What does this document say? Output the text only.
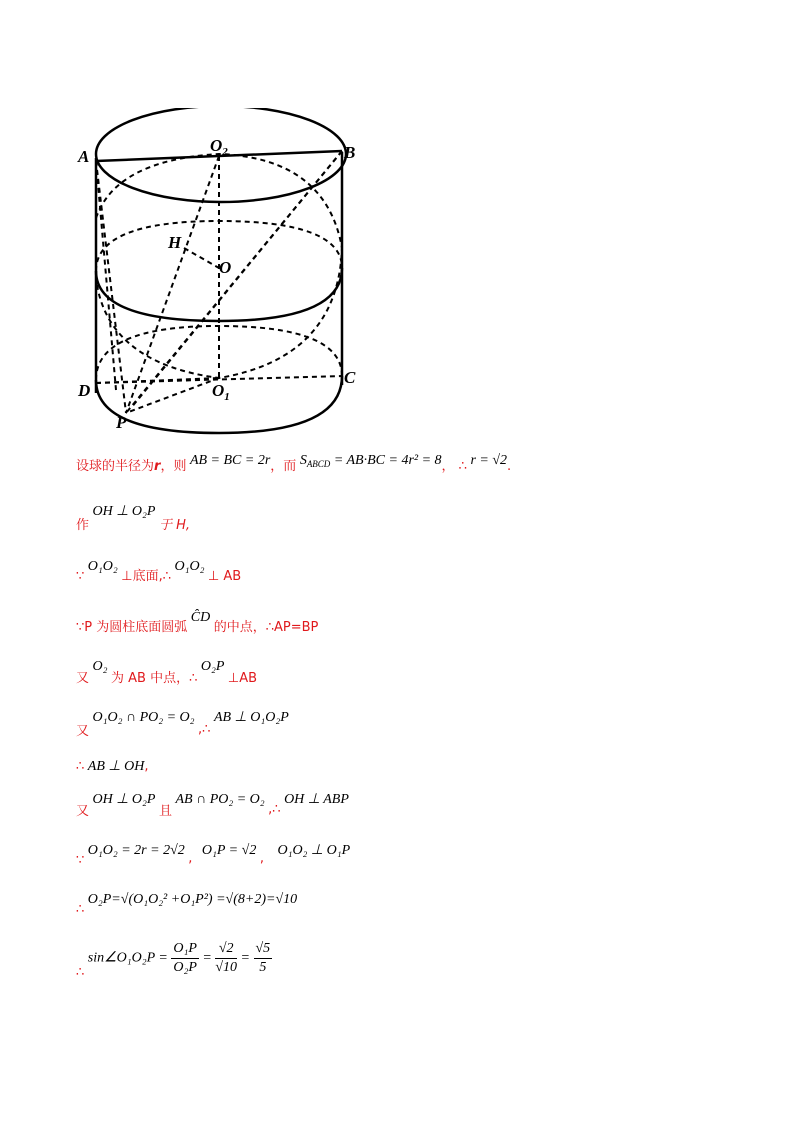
A	B
C
D
P
H
O
$O_2$
$O_1$
设球的半径为r，则 AB = BC = 2r，而 $S_{ABCD} = AB\cdot BC = 4r^2 = 8$， ∴ r = √2.
作 OH ⊥ O₂P 于 H,
∵ O₁O₂ ⊥底面,∴ O₁O₂ ⊥ AB
∵P 为圆柱底面圆弧 ĈD 的中点，∴AP=BP
又 O₂ 为 AB 中点，∴ O₂P ⊥AB
又 O₁O₂ ∩ PO₂ = O₂ ,∴ AB ⊥ O₁O₂P
∴ AB ⊥ OH,
又 OH ⊥ O₂P 且 AB ∩ PO₂ = O₂ ,∴ OH ⊥ ABP
∵ O₁O₂ = 2r = 2√2 , O₁P = √2 , O₁O₂ ⊥ O₁P
∴ O₂P=√(O₁O₂² +O₁P²) =√(8+2)=√10
∴ sin∠O₁O₂P = $\frac{\text{O₁P}}{\text{O₂P}} = \frac{√2}{√10} = \frac{√5}{5}$
